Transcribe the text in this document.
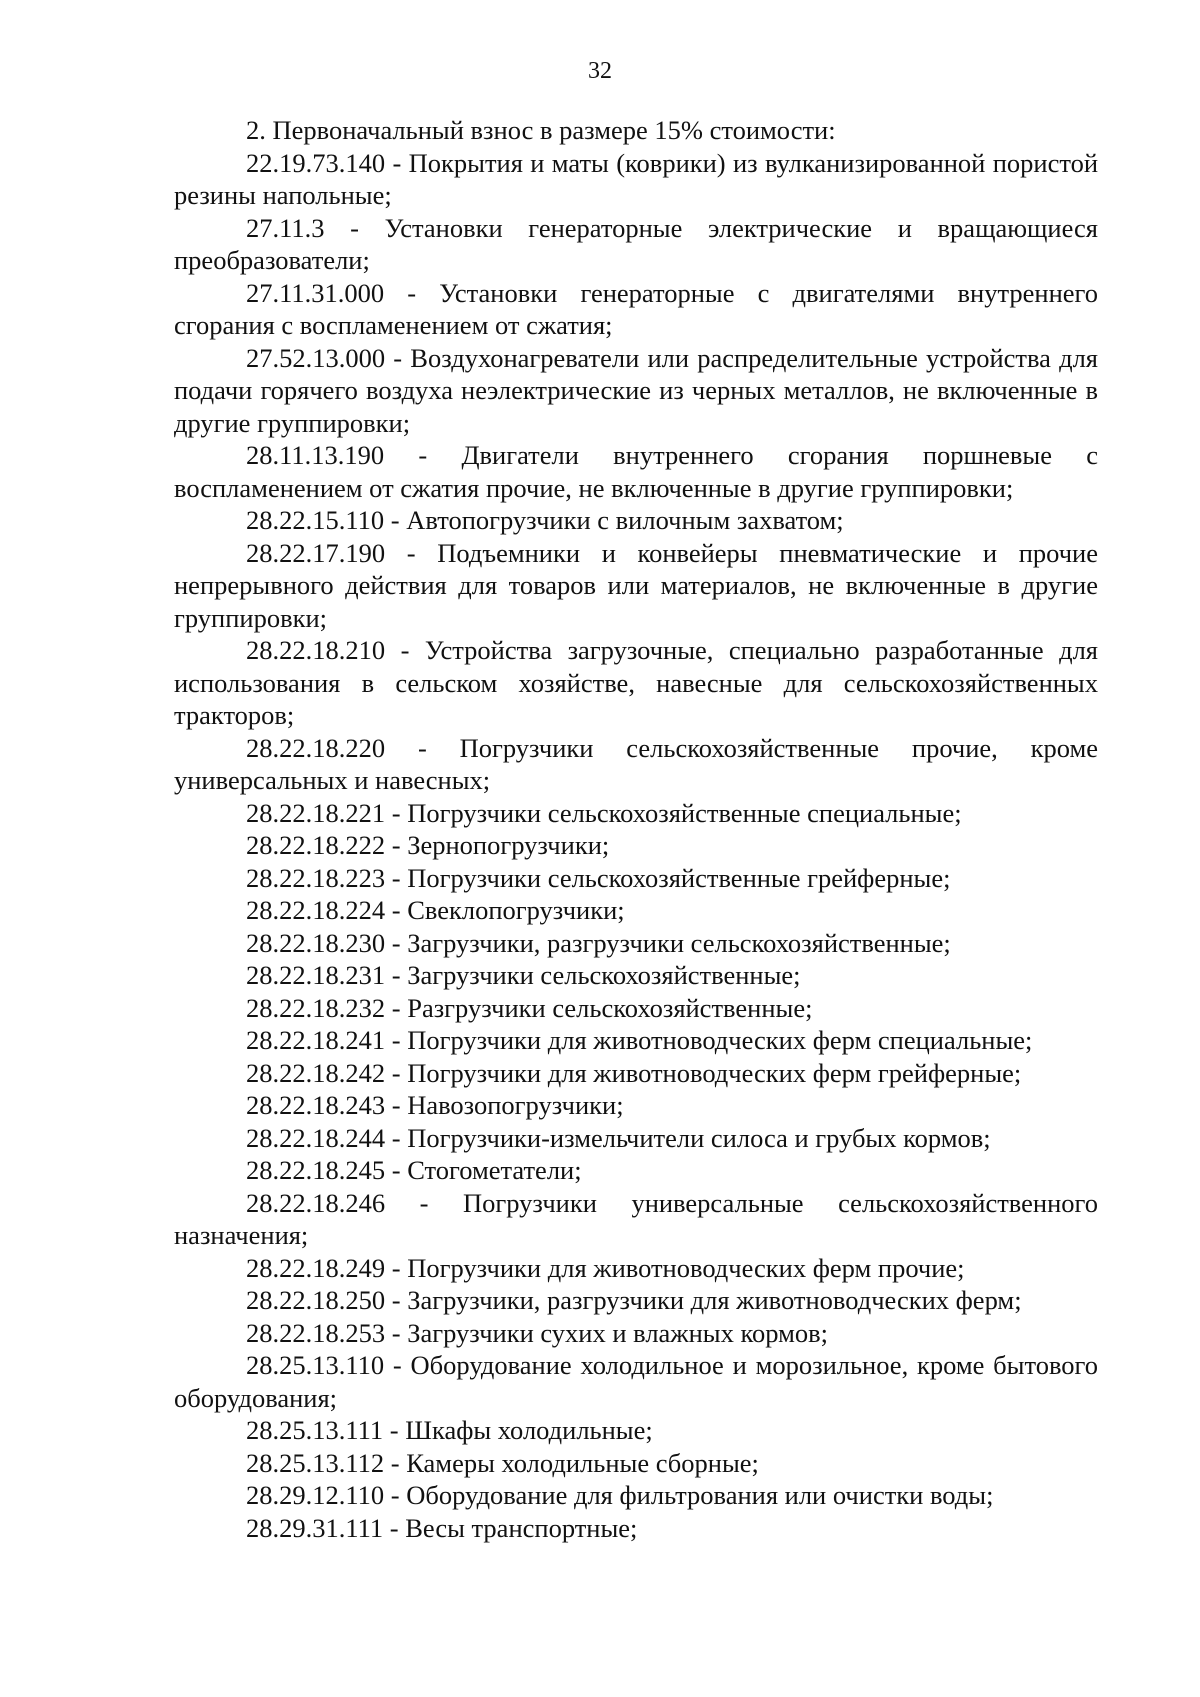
32

2. Первоначальный взнос в размере 15% стоимости:

22.19.73.140 - Покрытия и маты (коврики) из вулканизированной пористой резины напольные;

27.11.3 - Установки генераторные электрические и вращающиеся преобразователи;

27.11.31.000 - Установки генераторные с двигателями внутреннего сгорания с воспламенением от сжатия;

27.52.13.000 - Воздухонагреватели или распределительные устройства для подачи горячего воздуха неэлектрические из черных металлов, не включенные в другие группировки;

28.11.13.190 - Двигатели внутреннего сгорания поршневые с воспламенением от сжатия прочие, не включенные в другие группировки;

28.22.15.110 - Автопогрузчики с вилочным захватом;

28.22.17.190 - Подъемники и конвейеры пневматические и прочие непрерывного действия для товаров или материалов, не включенные в другие группировки;

28.22.18.210 - Устройства загрузочные, специально разработанные для использования в сельском хозяйстве, навесные для сельскохозяйственных тракторов;

28.22.18.220 - Погрузчики сельскохозяйственные прочие, кроме универсальных и навесных;

28.22.18.221 - Погрузчики сельскохозяйственные специальные;

28.22.18.222 - Зернопогрузчики;

28.22.18.223 - Погрузчики сельскохозяйственные грейферные;

28.22.18.224 - Свеклопогрузчики;

28.22.18.230 - Загрузчики, разгрузчики сельскохозяйственные;

28.22.18.231 - Загрузчики сельскохозяйственные;

28.22.18.232 - Разгрузчики сельскохозяйственные;

28.22.18.241 - Погрузчики для животноводческих ферм специальные;

28.22.18.242 - Погрузчики для животноводческих ферм грейферные;

28.22.18.243 - Навозопогрузчики;

28.22.18.244 - Погрузчики-измельчители силоса и грубых кормов;

28.22.18.245 - Стогометатели;

28.22.18.246 - Погрузчики универсальные сельскохозяйственного назначения;

28.22.18.249 - Погрузчики для животноводческих ферм прочие;

28.22.18.250 - Загрузчики, разгрузчики для животноводческих ферм;

28.22.18.253 - Загрузчики сухих и влажных кормов;

28.25.13.110 - Оборудование холодильное и морозильное, кроме бытового оборудования;

28.25.13.111 - Шкафы холодильные;

28.25.13.112 - Камеры холодильные сборные;

28.29.12.110 - Оборудование для фильтрования или очистки воды;

28.29.31.111 - Весы транспортные;
